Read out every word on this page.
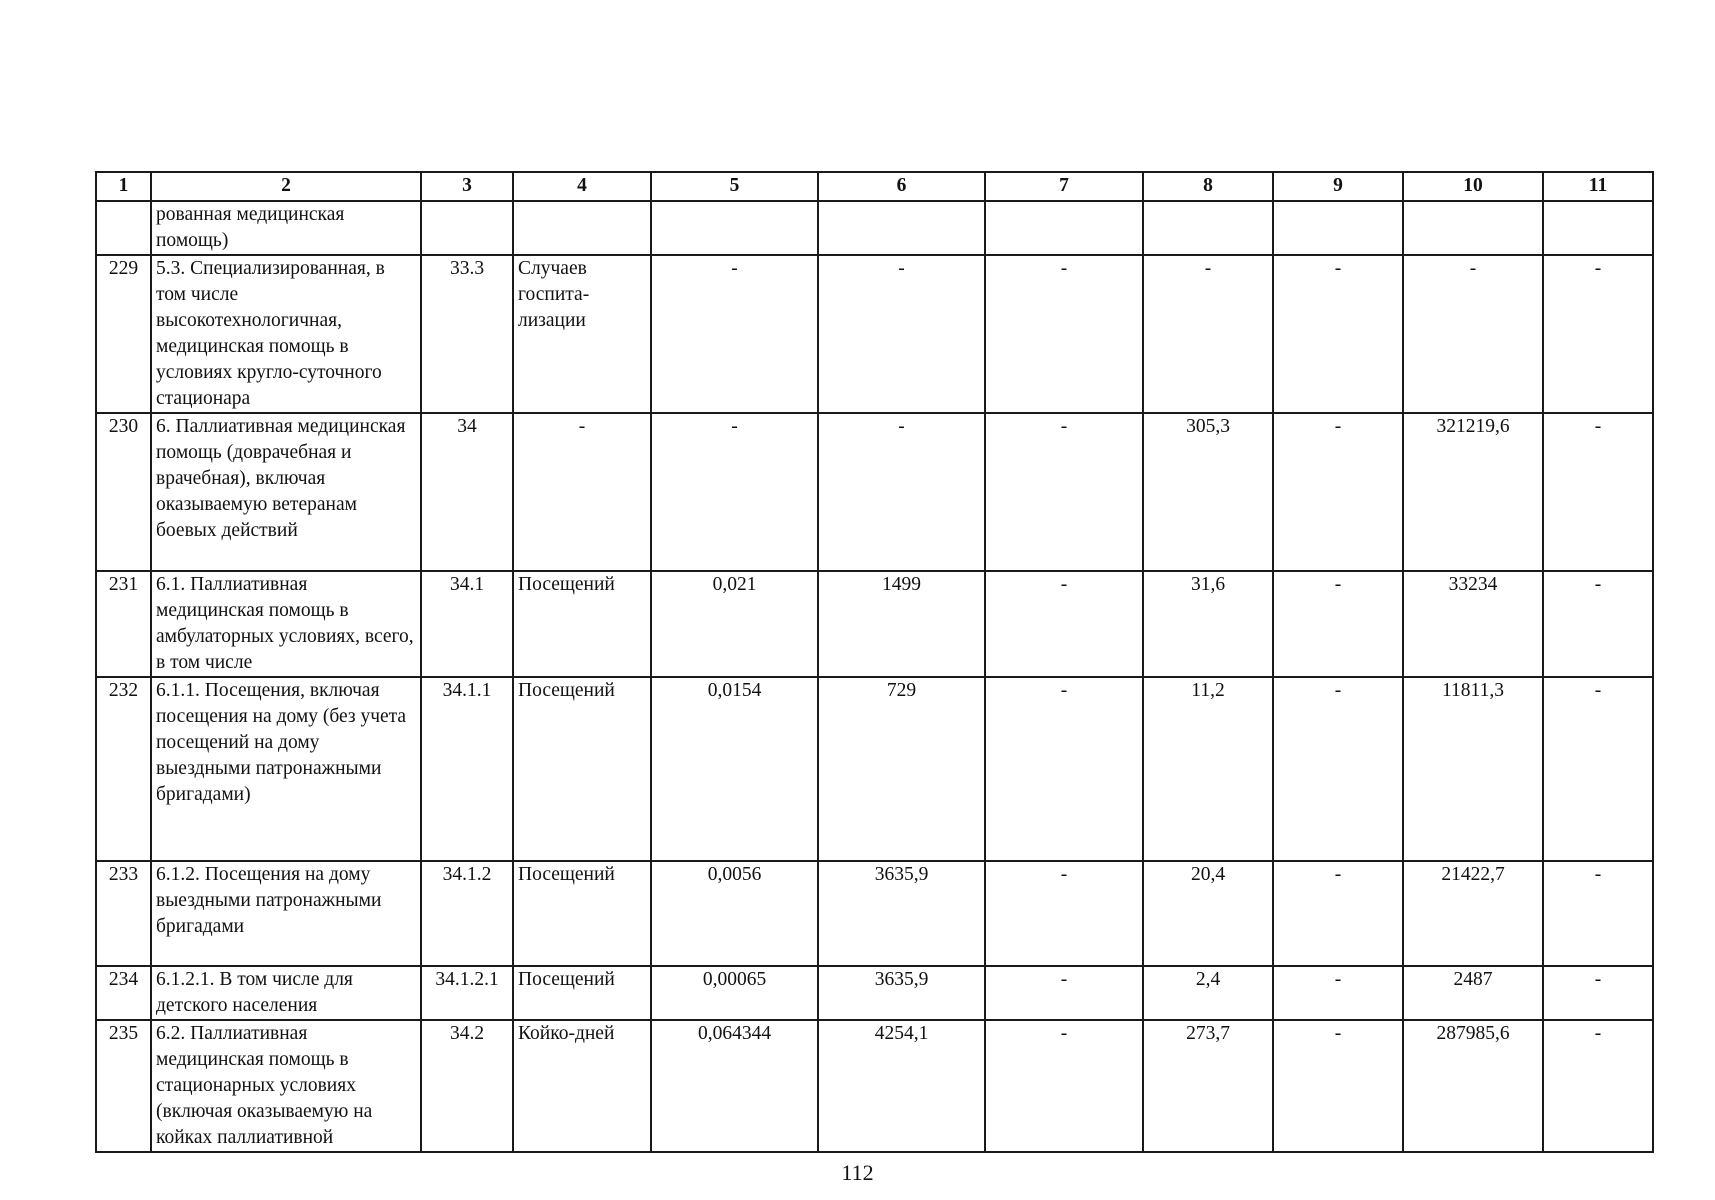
1	2	3	4	5	6	7	8	9	10	11
	рованная медицинская помощь)									
229	5.3. Специализированная, в том числе высокотехнологичная, медицинская помощь в условиях кругло-суточного стационара	33.3	Случаев госпита-лизации	-	-	-	-	-	-	-
230	6. Паллиативная медицинская помощь (доврачебная и врачебная), включая оказываемую ветеранам боевых действий	34	-	-	-	-	305,3	-	321219,6	-
231	6.1. Паллиативная медицинская помощь в амбулаторных условиях, всего, в том числе	34.1	Посещений	0,021	1499	-	31,6	-	33234	-
232	6.1.1. Посещения, включая посещения на дому (без учета посещений на дому выездными патронажными бригадами)	34.1.1	Посещений	0,0154	729	-	11,2	-	11811,3	-
233	6.1.2. Посещения на дому выездными патронажными бригадами	34.1.2	Посещений	0,0056	3635,9	-	20,4	-	21422,7	-
234	6.1.2.1. В том числе для детского населения	34.1.2.1	Посещений	0,00065	3635,9	-	2,4	-	2487	-
235	6.2. Паллиативная медицинская помощь в стационарных условиях (включая оказываемую на койках паллиативной	34.2	Койко-дней	0,064344	4254,1	-	273,7	-	287985,6	-
112
